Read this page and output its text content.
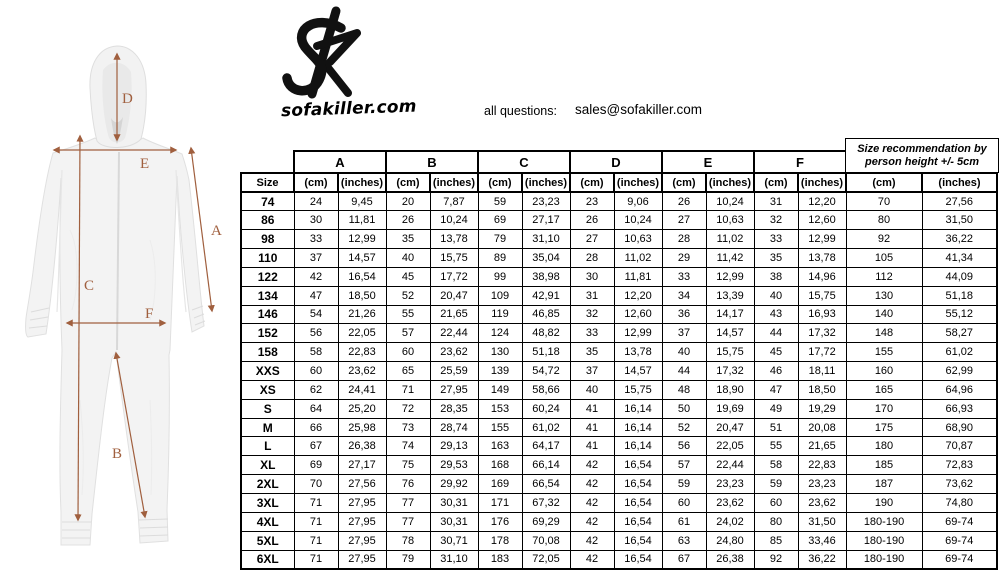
D
E
A
C
F
B
sofakiller.com	all questions: sales@sofakiller.com
	A		B		C		D		E		F		Size recommendation by
person height +/- 5cm	

Size	(cm)	(inches)	(cm)	(inches)	(cm)	(inches)	(cm)	(inches)	(cm)	(inches)	(cm)	(inches)	(cm)	(inches)
74	24	9,45	20	7,87	59	23,23	23	9,06	26	10,24	31	12,20	70	27,56
86	30	11,81	26	10,24	69	27,17	26	10,24	27	10,63	32	12,60	80	31,50
98	33	12,99	35	13,78	79	31,10	27	10,63	28	11,02	33	12,99	92	36,22
110	37	14,57	40	15,75	89	35,04	28	11,02	29	11,42	35	13,78	105	41,34
122	42	16,54	45	17,72	99	38,98	30	11,81	33	12,99	38	14,96	112	44,09
134	47	18,50	52	20,47	109	42,91	31	12,20	34	13,39	40	15,75	130	51,18
146	54	21,26	55	21,65	119	46,85	32	12,60	36	14,17	43	16,93	140	55,12
152	56	22,05	57	22,44	124	48,82	33	12,99	37	14,57	44	17,32	148	58,27
158	58	22,83	60	23,62	130	51,18	35	13,78	40	15,75	45	17,72	155	61,02
XXS	60	23,62	65	25,59	139	54,72	37	14,57	44	17,32	46	18,11	160	62,99
XS	62	24,41	71	27,95	149	58,66	40	15,75	48	18,90	47	18,50	165	64,96
S	64	25,20	72	28,35	153	60,24	41	16,14	50	19,69	49	19,29	170	66,93
M	66	25,98	73	28,74	155	61,02	41	16,14	52	20,47	51	20,08	175	68,90
L	67	26,38	74	29,13	163	64,17	41	16,14	56	22,05	55	21,65	180	70,87
XL	69	27,17	75	29,53	168	66,14	42	16,54	57	22,44	58	22,83	185	72,83
2XL	70	27,56	76	29,92	169	66,54	42	16,54	59	23,23	59	23,23	187	73,62
3XL	71	27,95	77	30,31	171	67,32	42	16,54	60	23,62	60	23,62	190	74,80
4XL	71	27,95	77	30,31	176	69,29	42	16,54	61	24,02	80	31,50	180-190	69-74
5XL	71	27,95	78	30,71	178	70,08	42	16,54	63	24,80	85	33,46	180-190	69-74
6XL	71	27,95	79	31,10	183	72,05	42	16,54	67	26,38	92	36,22	180-190	69-74
